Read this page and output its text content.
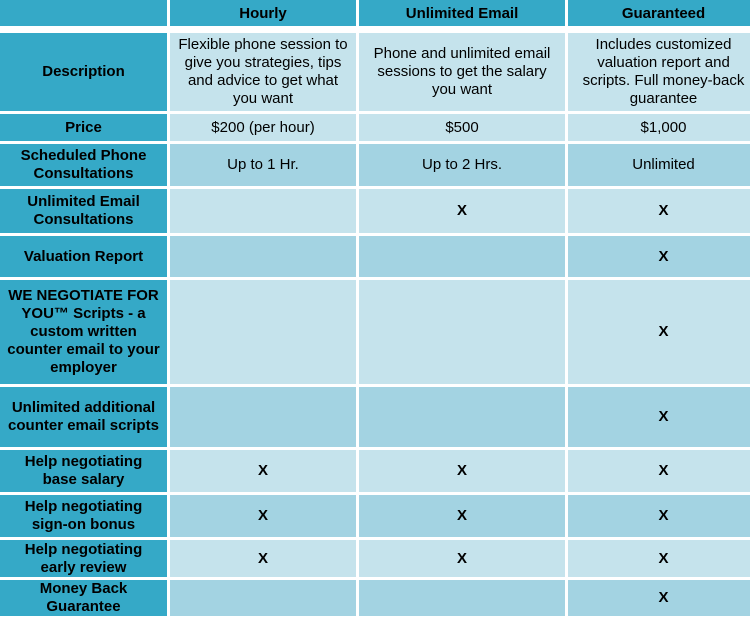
	Hourly	Unlimited Email	Guaranteed

Description	Flexible phone session to give you strategies, tips and advice to get what you want	Phone and unlimited email sessions to get the salary you want	Includes customized valuation report and scripts. Full money-back guarantee
Price	$200 (per hour)	$500	$1,000
Scheduled Phone Consultations	Up to 1 Hr.	Up to 2 Hrs.	Unlimited
Unlimited Email Consultations		X	X
Valuation Report			X
WE NEGOTIATE FOR YOU™ Scripts - a custom written counter email to your employer			X
Unlimited additional counter email scripts			X
Help negotiating base salary	X	X	X
Help negotiating sign-on bonus	X	X	X
Help negotiating early review	X	X	X
Money Back Guarantee			X
